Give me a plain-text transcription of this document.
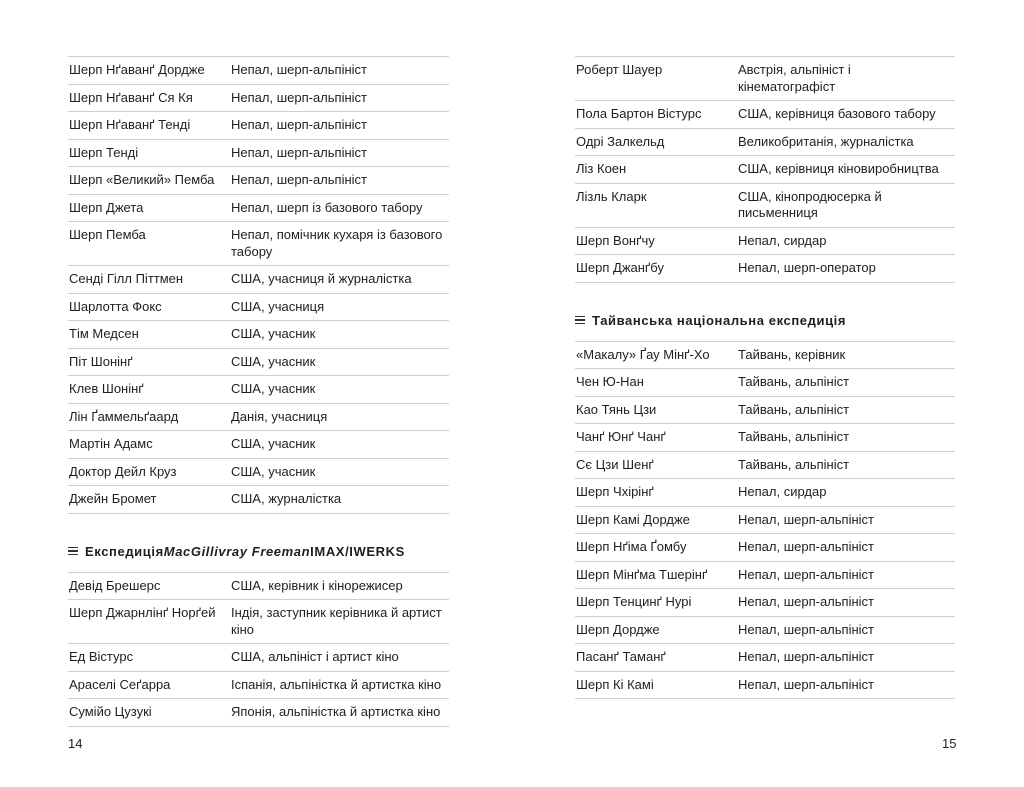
Шерп Нґаванґ Дордже	Непал, шерп-альпініст
Шерп Нґаванґ Ся Кя	Непал, шерп-альпініст
Шерп Нґаванґ Тенді	Непал, шерп-альпініст
Шерп Тенді	Непал, шерп-альпініст
Шерп «Великий» Пемба	Непал, шерп-альпініст
Шерп Джета	Непал, шерп із базового табору
Шерп Пемба	Непал, помічник кухаря із базового табору
Сенді Гілл Піттмен	США, учасниця й журналістка
Шарлотта Фокс	США, учасниця
Тім Медсен	США, учасник
Піт Шонінґ	США, учасник
Клев Шонінґ	США, учасник
Лін Ґаммельґаард	Данія, учасниця
Мартін Адамс	США, учасник
Доктор Дейл Круз	США, учасник
Джейн Бромет	США, журналістка
Експедиція MacGillivray Freeman IMAX/IWERKS
Девід Брешерс	США, керівник і кінорежисер
Шерп Джарнлінґ Норґей	Індія, заступник керівника й артист кіно
Ед Вістурс	США, альпініст і артист кіно
Араселі Сеґарра	Іспанія, альпіністка й артистка кіно
Сумійо Цузукі	Японія, альпіністка й артистка кіно
14
Роберт Шауер	Австрія, альпініст і кінематографіст
Пола Бартон Вістурс	США, керівниця базового табору
Одрі Залкельд	Великобританія, журналістка
Ліз Коен	США, керівниця кіновиробництва
Лізль Кларк	США, кінопродюсерка й письменниця
Шерп Вонґчу	Непал, сирдар
Шерп Джанґбу	Непал, шерп-оператор
Тайванська національна експедиція
«Макалу» Ґау Мінґ-Хо	Тайвань, керівник
Чен Ю-Нан	Тайвань, альпініст
Као Тянь Цзи	Тайвань, альпініст
Чанґ Юнґ Чанґ	Тайвань, альпініст
Сє Цзи Шенґ	Тайвань, альпініст
Шерп Чхірінґ	Непал, сирдар
Шерп Камі Дордже	Непал, шерп-альпініст
Шерп Нґіма Ґомбу	Непал, шерп-альпініст
Шерп Мінґма Тшерінґ	Непал, шерп-альпініст
Шерп Тенцинґ Нурі	Непал, шерп-альпініст
Шерп Дордже	Непал, шерп-альпініст
Пасанґ Таманґ	Непал, шерп-альпініст
Шерп Кі Камі	Непал, шерп-альпініст
15
